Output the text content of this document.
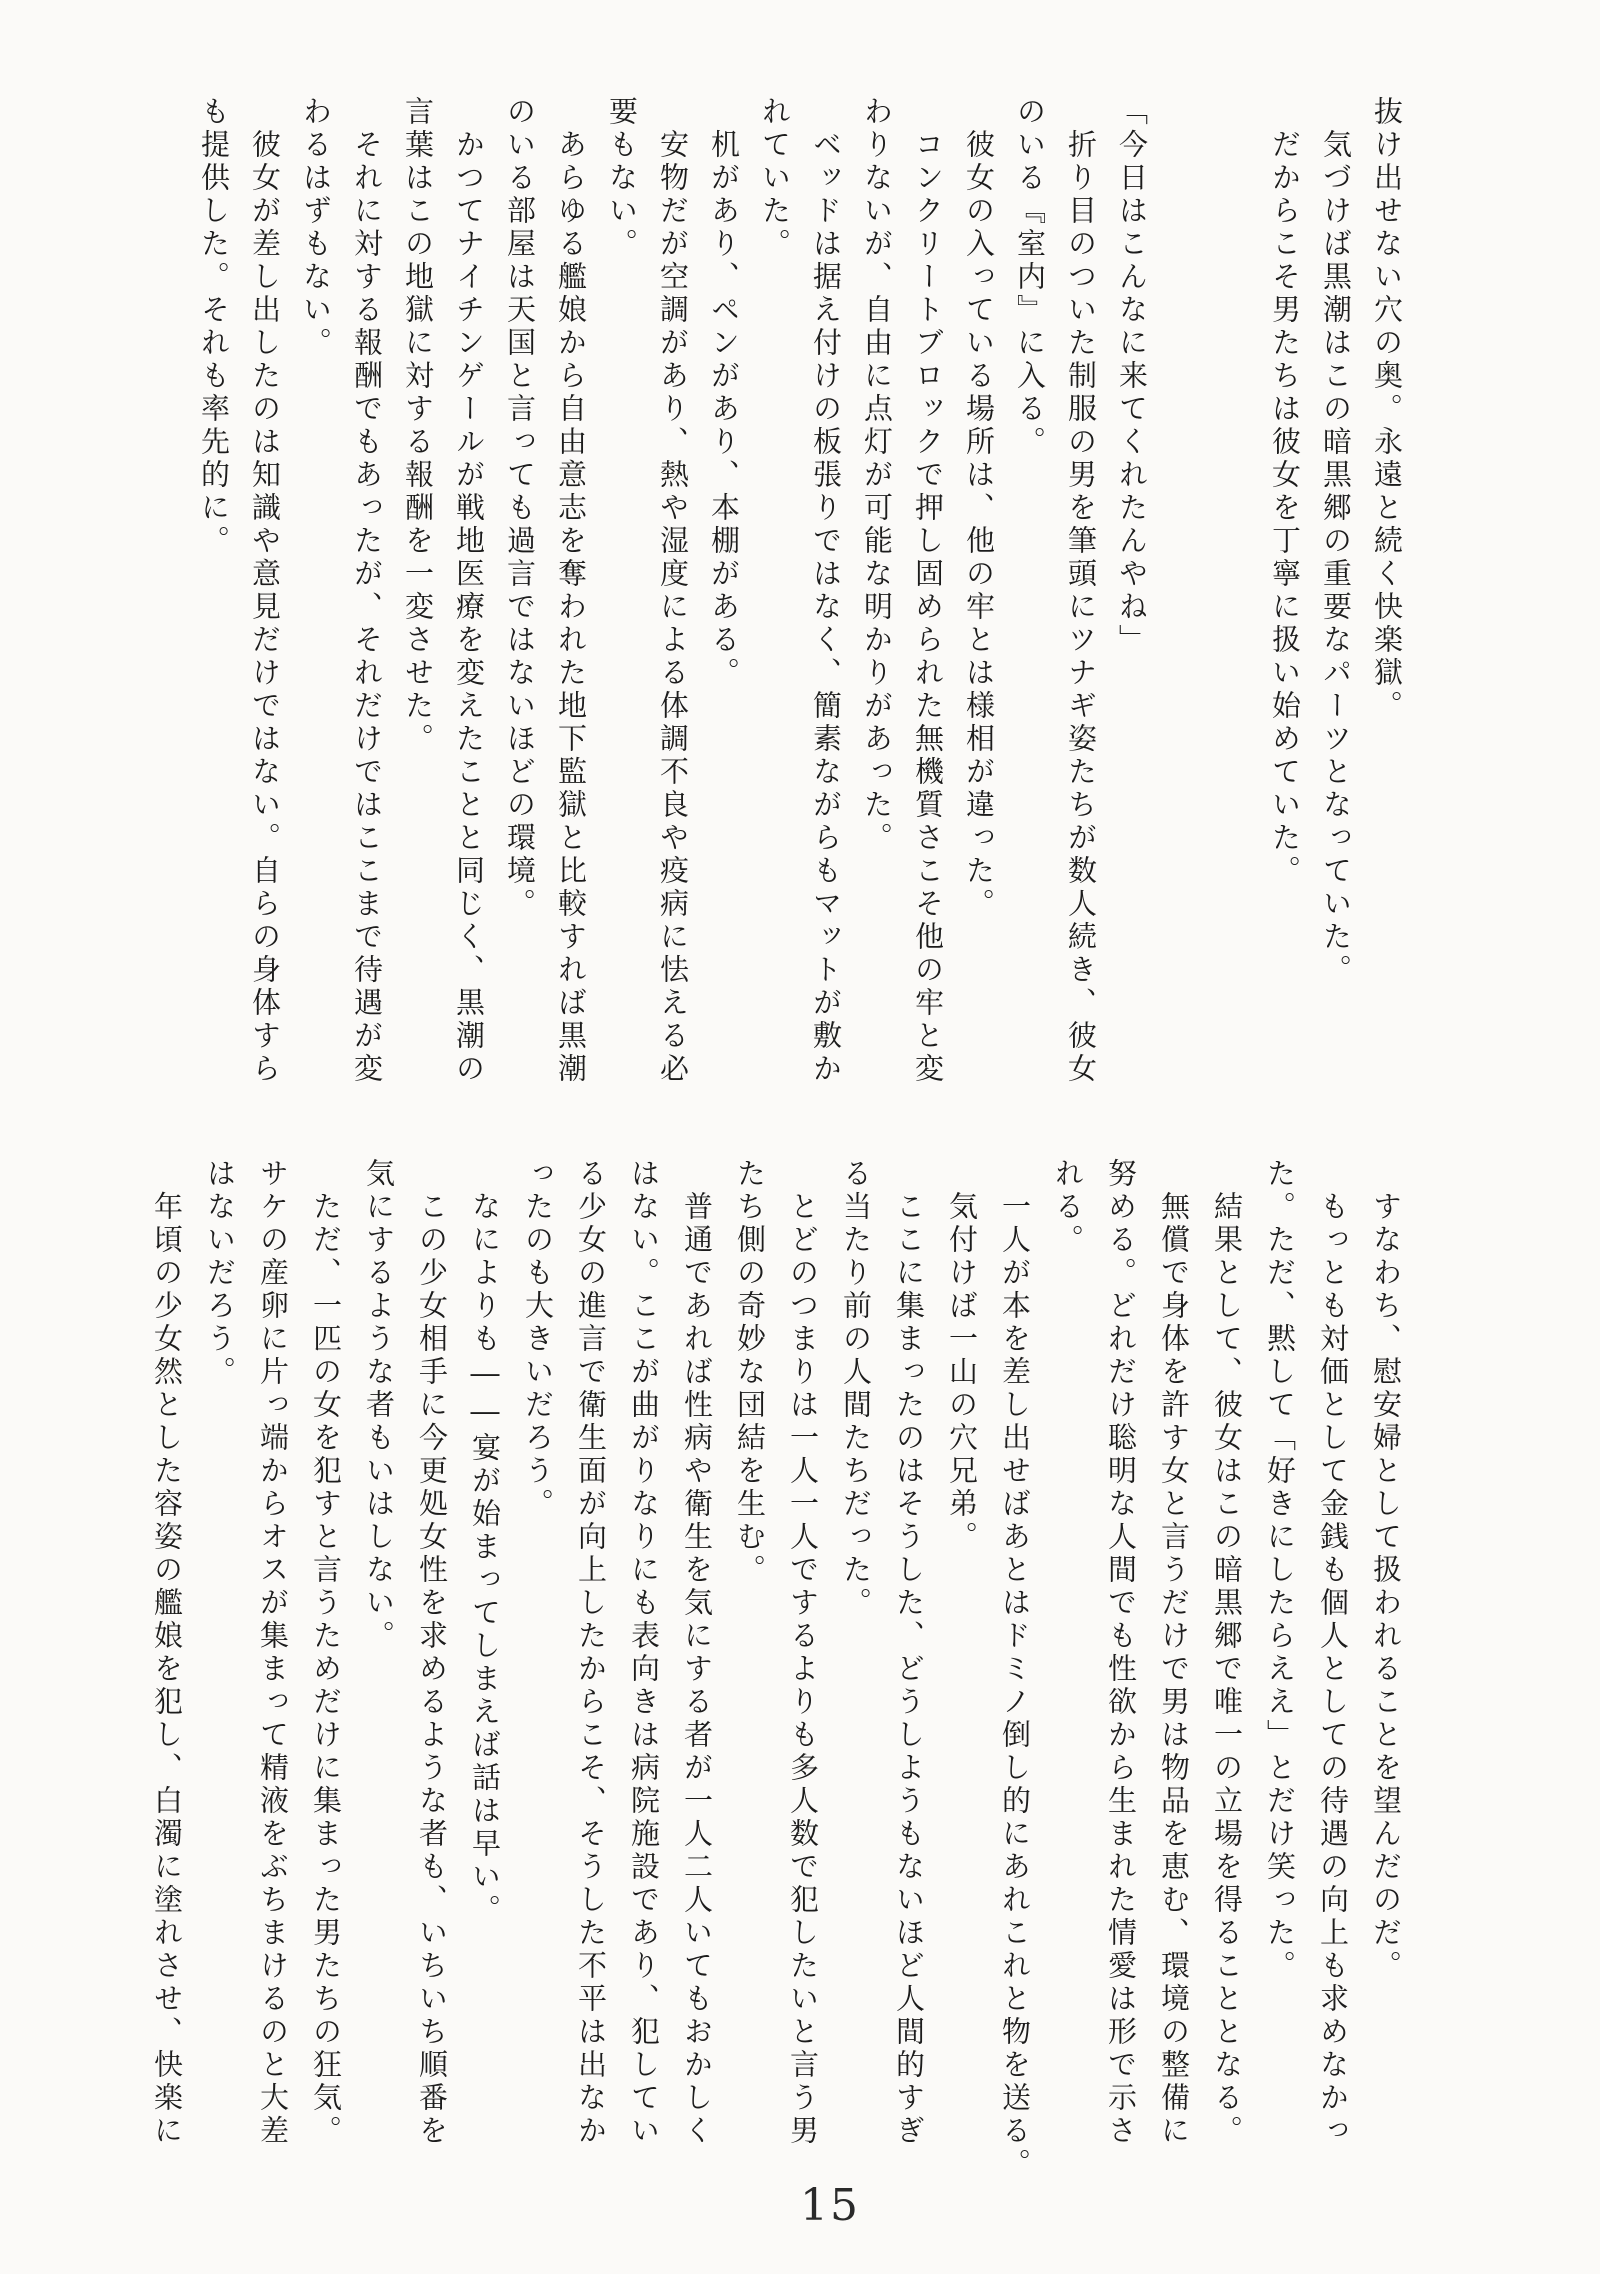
抜け出せない穴の奥。永遠と続く快楽獄。

気づけば黒潮はこの暗黒郷の重要なパーツとなっていた。

だからこそ男たちは彼女を丁寧に扱い始めていた。

「今日はこんなに来てくれたんやね」

折り目のついた制服の男を筆頭にツナギ姿たちが数人続き、彼女

のいる『室内』に入る。

彼女の入っている場所は、他の牢とは様相が違った。

コンクリートブロックで押し固められた無機質さこそ他の牢と変

わりないが、自由に点灯が可能な明かりがあった。

ベッドは据え付けの板張りではなく、簡素ながらもマットが敷か

れていた。

机があり、ペンがあり、本棚がある。

安物だが空調があり、熱や湿度による体調不良や疫病に怯える必

要もない。

あらゆる艦娘から自由意志を奪われた地下監獄と比較すれば黒潮

のいる部屋は天国と言っても過言ではないほどの環境。

かつてナイチンゲールが戦地医療を変えたことと同じく、黒潮の

言葉はこの地獄に対する報酬を一変させた。

それに対する報酬でもあったが、それだけではここまで待遇が変

わるはずもない。

彼女が差し出したのは知識や意見だけではない。自らの身体すら

も提供した。それも率先的に。

すなわち、慰安婦として扱われることを望んだのだ。

もっとも対価として金銭も個人としての待遇の向上も求めなかっ

た。ただ、黙して「好きにしたらええ」とだけ笑った。

結果として、彼女はこの暗黒郷で唯一の立場を得ることとなる。

無償で身体を許す女と言うだけで男は物品を恵む、環境の整備に

努める。どれだけ聡明な人間でも性欲から生まれた情愛は形で示さ

れる。

一人が本を差し出せばあとはドミノ倒し的にあれこれと物を送る。

気付けば一山の穴兄弟。

ここに集まったのはそうした、どうしようもないほど人間的すぎ

る当たり前の人間たちだった。

とどのつまりは一人一人でするよりも多人数で犯したいと言う男

たち側の奇妙な団結を生む。

普通であれば性病や衛生を気にする者が一人二人いてもおかしく

はない。ここが曲がりなりにも表向きは病院施設であり、犯してい

る少女の進言で衛生面が向上したからこそ、そうした不平は出なか

ったのも大きいだろう。

なによりも――宴が始まってしまえば話は早い。

この少女相手に今更処女性を求めるような者も、いちいち順番を

気にするような者もいはしない。

ただ、一匹の女を犯すと言うためだけに集まった男たちの狂気。

サケの産卵に片っ端からオスが集まって精液をぶちまけるのと大差

はないだろう。

年頃の少女然とした容姿の艦娘を犯し、白濁に塗れさせ、快楽に

15
